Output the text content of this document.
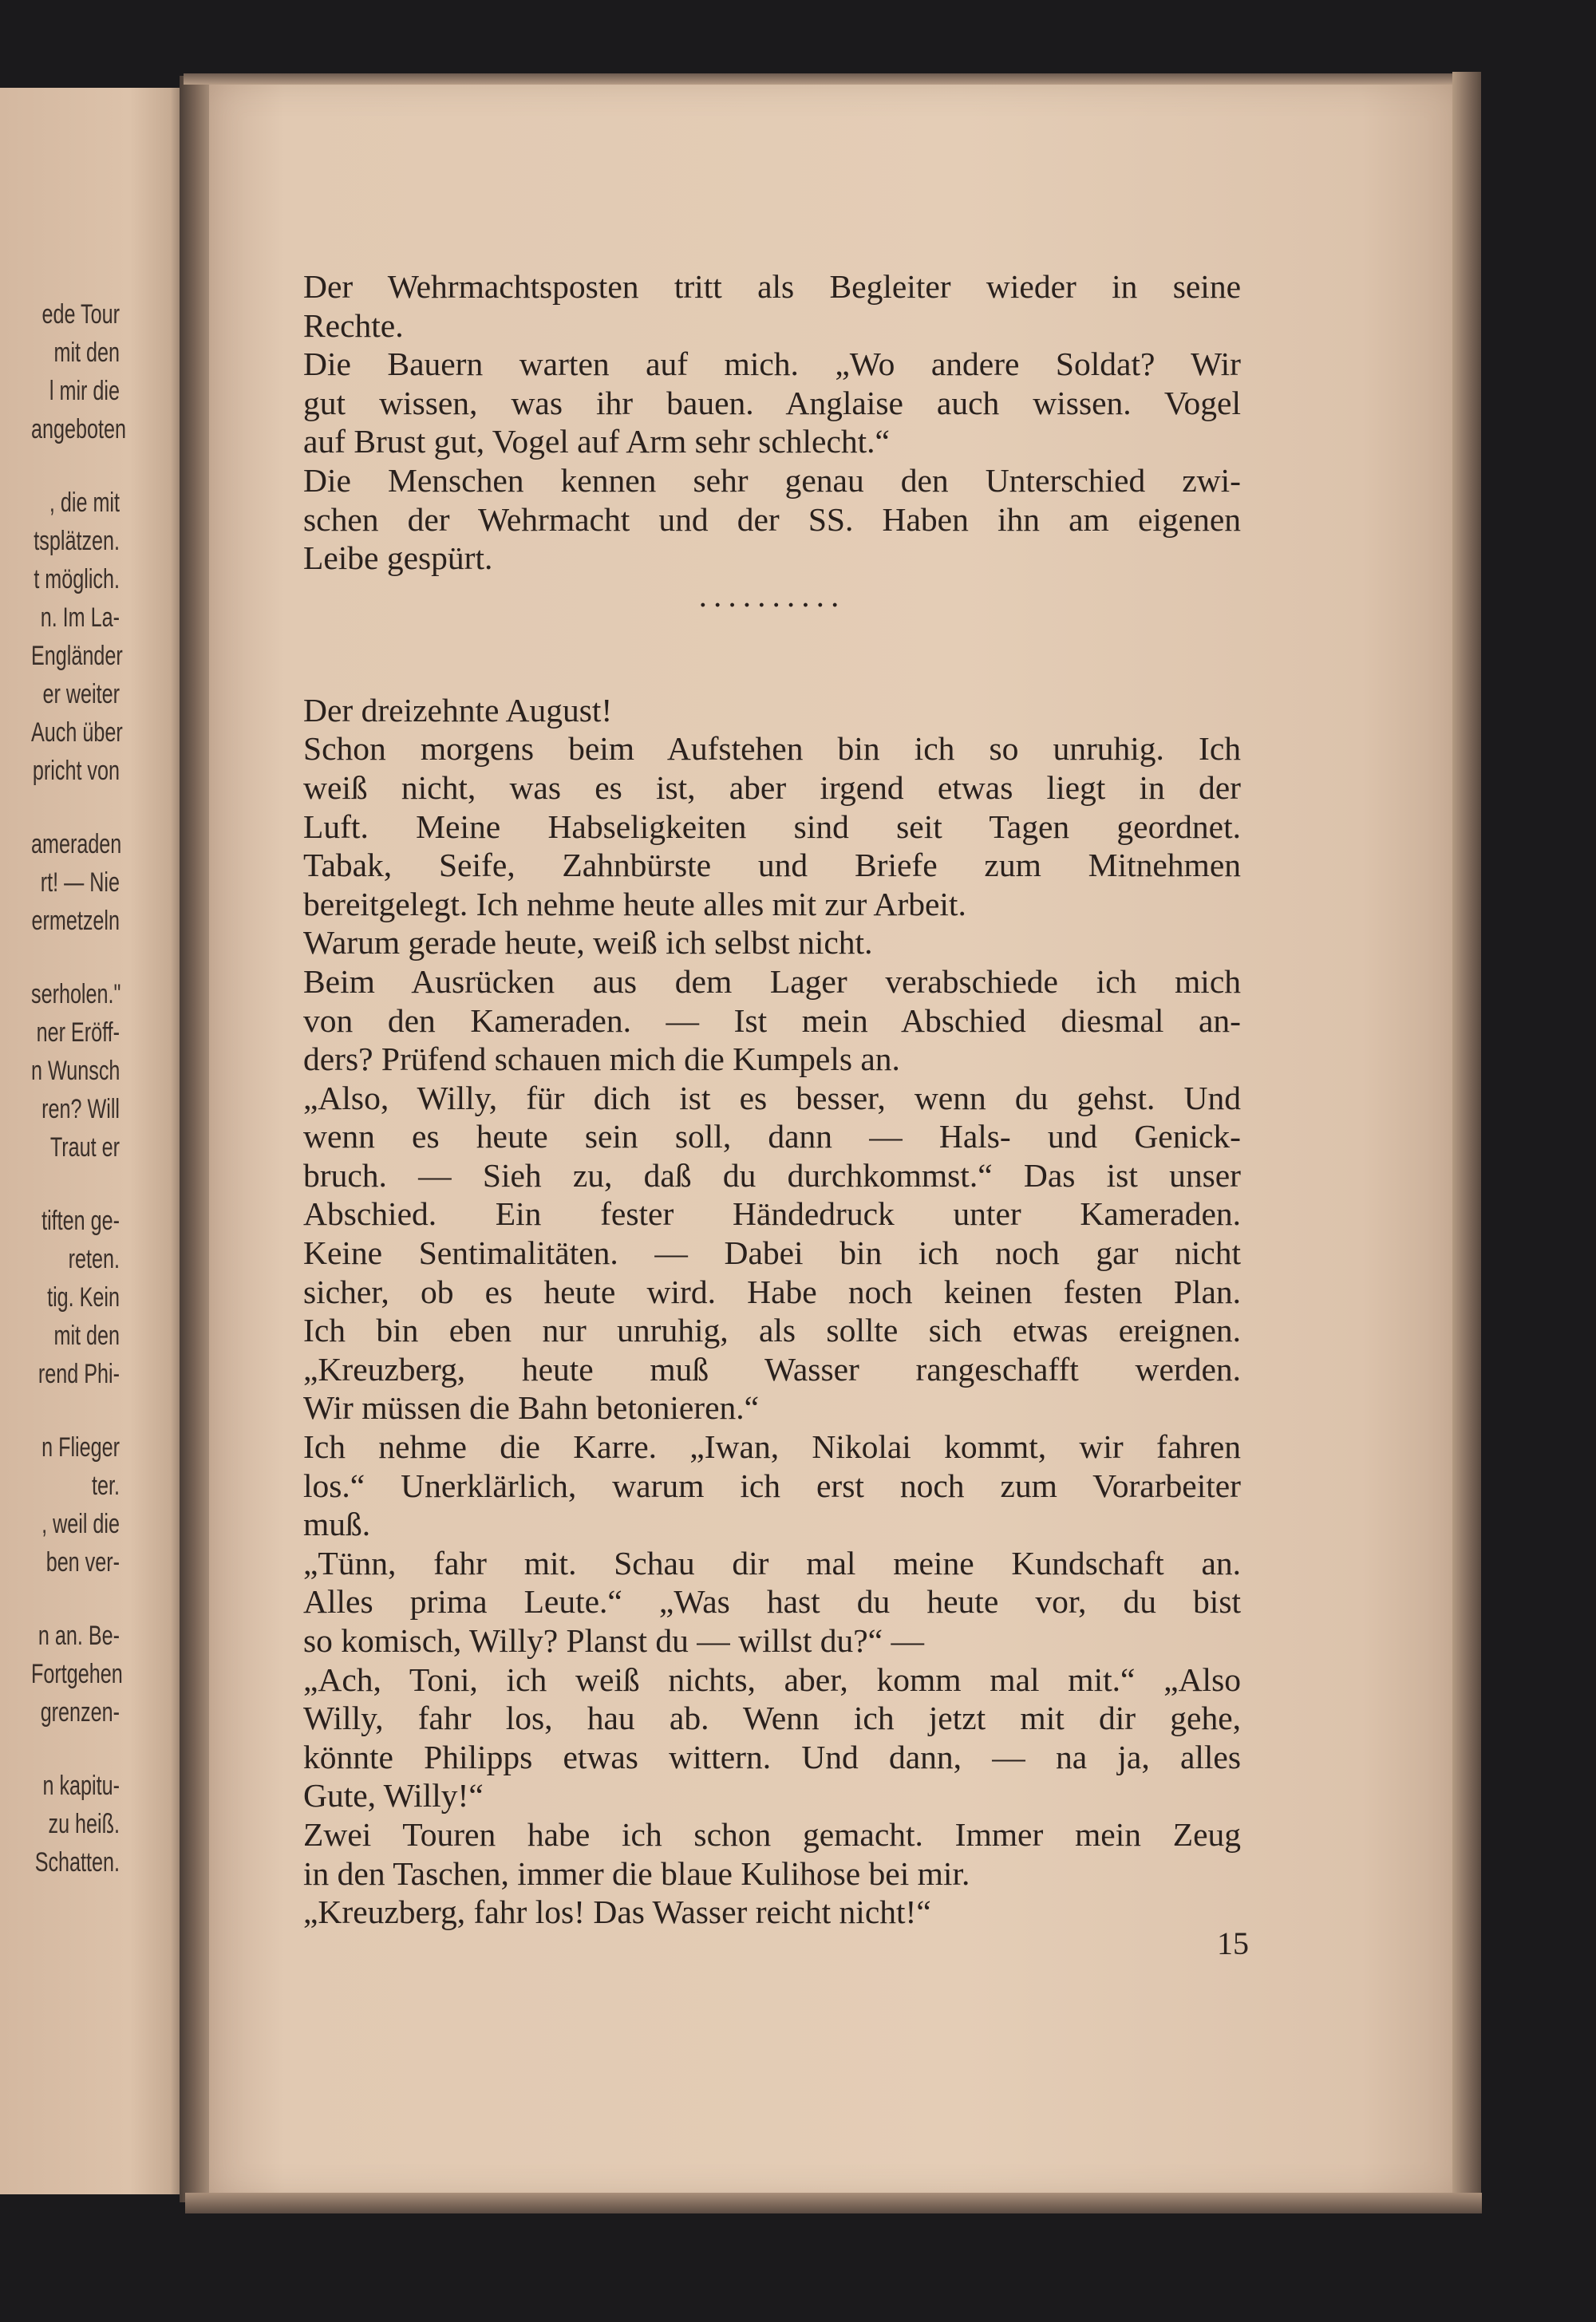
ede Tour
mit den
l mir die
angeboten
, die mit
tsplätzen.
t möglich.
n. Im La-
Engländer
er weiter
Auch über
pricht von
ameraden
rt! — Nie
ermetzeln
serholen."
ner Eröff-
n Wunsch
ren? Will
Traut er
tiften ge-
reten.
tig. Kein
mit den
rend Phi-
n Flieger
ter.
, weil die
ben ver-
n an. Be-
Fortgehen
grenzen-
n kapitu-
zu heiß.
Schatten.
Der Wehrmachtsposten tritt als Begleiter wieder in seine
Rechte.
Die Bauern warten auf mich. „Wo andere Soldat? Wir
gut wissen, was ihr bauen. Anglaise auch wissen. Vogel
auf Brust gut, Vogel auf Arm sehr schlecht.“
Die Menschen kennen sehr genau den Unterschied zwi-
schen der Wehrmacht und der SS. Haben ihn am eigenen
Leibe gespürt.
..........
Der dreizehnte August!
Schon morgens beim Aufstehen bin ich so unruhig. Ich
weiß nicht, was es ist, aber irgend etwas liegt in der
Luft. Meine Habseligkeiten sind seit Tagen geordnet.
Tabak, Seife, Zahnbürste und Briefe zum Mitnehmen
bereitgelegt. Ich nehme heute alles mit zur Arbeit.
Warum gerade heute, weiß ich selbst nicht.
Beim Ausrücken aus dem Lager verabschiede ich mich
von den Kameraden. — Ist mein Abschied diesmal an-
ders? Prüfend schauen mich die Kumpels an.
„Also, Willy, für dich ist es besser, wenn du gehst. Und
wenn es heute sein soll, dann — Hals- und Genick-
bruch. — Sieh zu, daß du durchkommst.“ Das ist unser
Abschied. Ein fester Händedruck unter Kameraden.
Keine Sentimalitäten. — Dabei bin ich noch gar nicht
sicher, ob es heute wird. Habe noch keinen festen Plan.
Ich bin eben nur unruhig, als sollte sich etwas ereignen.
„Kreuzberg, heute muß Wasser rangeschafft werden.
Wir müssen die Bahn betonieren.“
Ich nehme die Karre. „Iwan, Nikolai kommt, wir fahren
los.“ Unerklärlich, warum ich erst noch zum Vorarbeiter
muß.
„Tünn, fahr mit. Schau dir mal meine Kundschaft an.
Alles prima Leute.“ „Was hast du heute vor, du bist
so komisch, Willy? Planst du — willst du?“ —
„Ach, Toni, ich weiß nichts, aber, komm mal mit.“ „Also
Willy, fahr los, hau ab. Wenn ich jetzt mit dir gehe,
könnte Philipps etwas wittern. Und dann, — na ja, alles
Gute, Willy!“
Zwei Touren habe ich schon gemacht. Immer mein Zeug
in den Taschen, immer die blaue Kulihose bei mir.
„Kreuzberg, fahr los! Das Wasser reicht nicht!“
15
